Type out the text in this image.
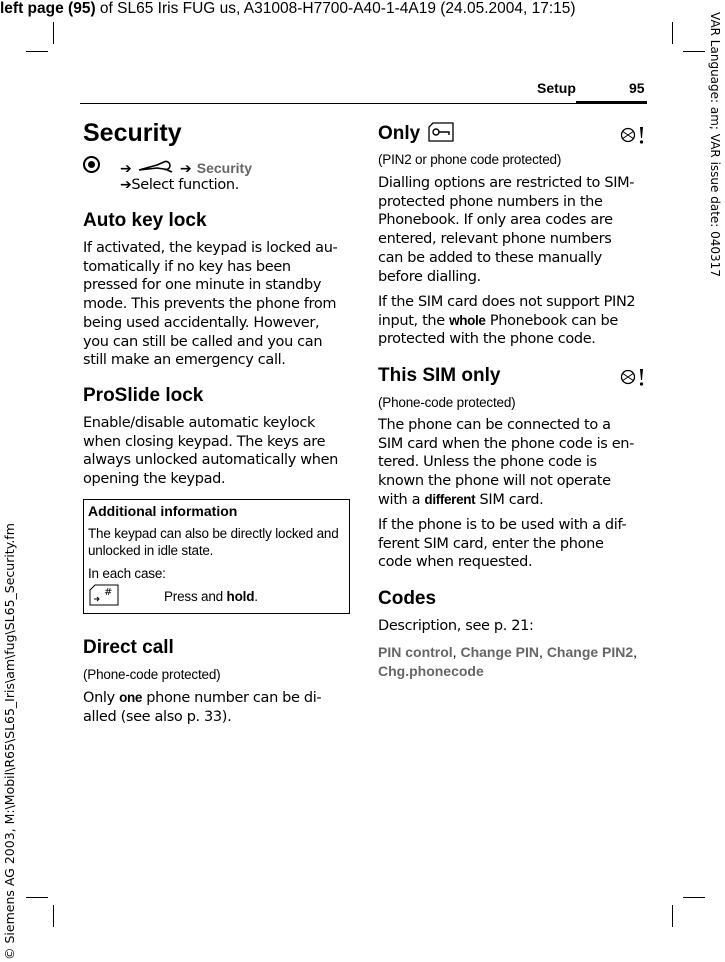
left page (95) of SL65 Iris FUG us, A31008-H7700-A40-1-4A19 (24.05.2004, 17:15)
VAR Language: am; VAR issue date: 040317
© Siemens AG 2003, M:\Mobil\R65\SL65_Iris\am\fug\SL65_Security.fm
Setup	95
Security
➔	➔ Security
➔Select function.
Auto key lock
If activated, the keypad is locked au-
tomatically if no key has been
pressed for one minute in standby
mode. This prevents the phone from
being used accidentally. However,
you can still be called and you can
still make an emergency call.
ProSlide lock
Enable/disable automatic keylock
when closing keypad. The keys are
always unlocked automatically when
opening the keypad.
Additional information
The keypad can also be directly locked and
unlocked in idle state.
In each case:
#	Press and hold.
Direct call
(Phone-code protected)
Only one phone number can be di-
alled (see also p. 33).
Only
(PIN2 or phone code protected)
Dialling options are restricted to SIM-
protected phone numbers in the
Phonebook. If only area codes are
entered, relevant phone numbers
can be added to these manually
before dialling.
If the SIM card does not support PIN2
input, the whole Phonebook can be
protected with the phone code.
This SIM only
(Phone-code protected)
The phone can be connected to a
SIM card when the phone code is en-
tered. Unless the phone code is
known the phone will not operate
with a different SIM card.
If the phone is to be used with a dif-
ferent SIM card, enter the phone
code when requested.
Codes
Description, see p. 21:
PIN control, Change PIN, Change PIN2,
Chg.phonecode
